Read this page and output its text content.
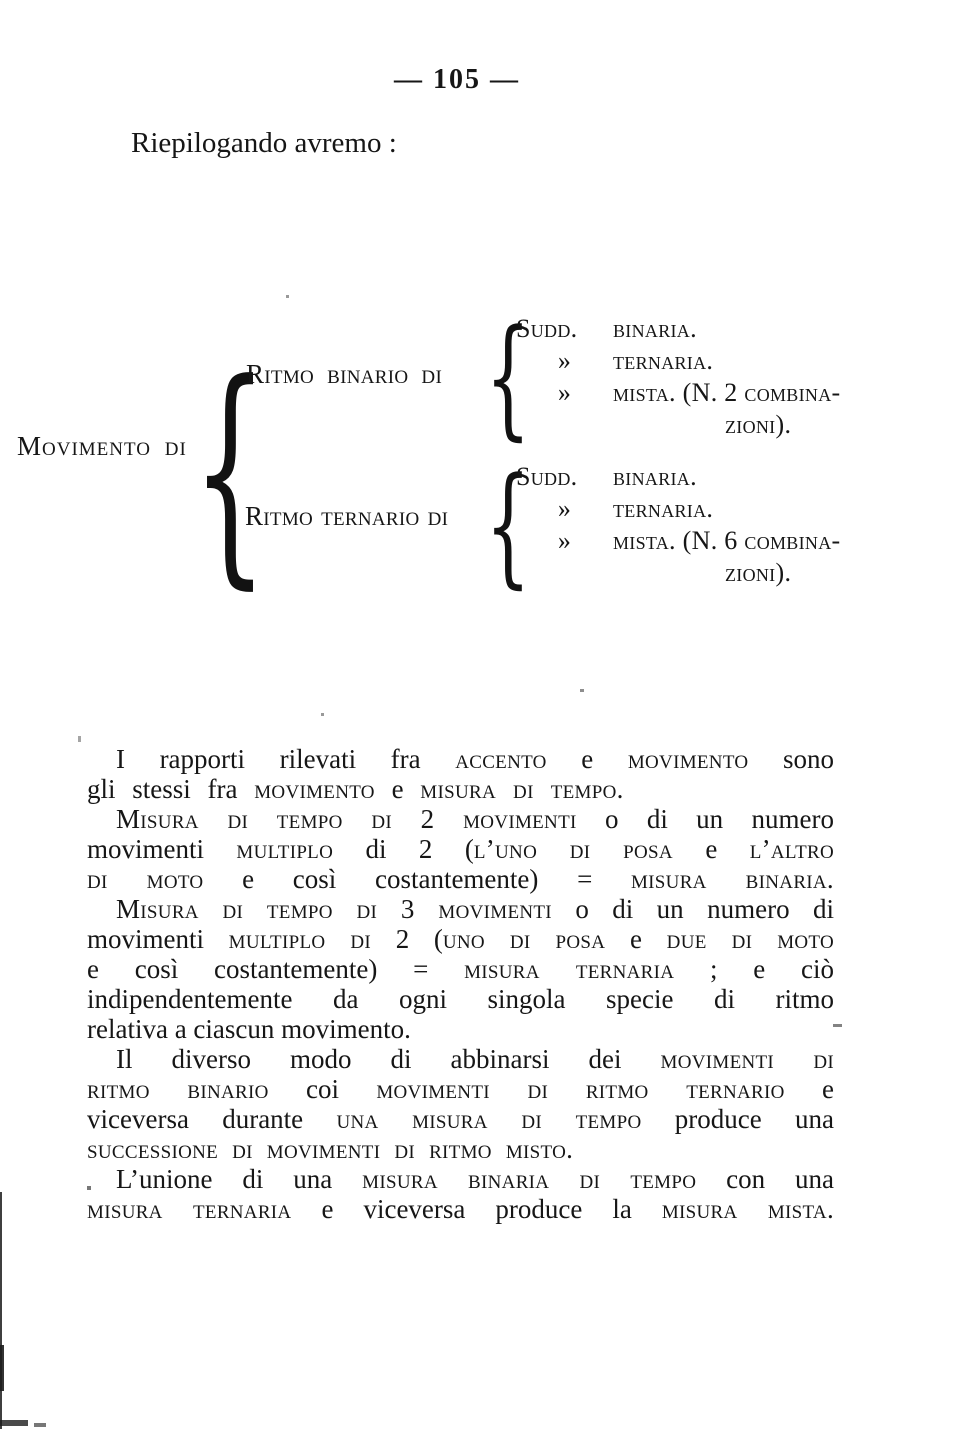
— 105 —
Riepilogando avremo :
Movimento di {
Ritmo binario di {
Sudd.	binaria.
»	ternaria.
»	mista. (N. 2 combina-
zioni).
Ritmo ternario di {
Sudd.	binaria.
»	ternaria.
»	mista. (N. 6 combina-
zioni).
I rapporti rilevati fra accento e movimento sono
gli stessi fra movimento e misura di tempo.
Misura di tempo di 2 movimenti o di un numero
movimenti multiplo di 2 (l’uno di posa e l’altro
di moto e così costantemente) = misura binaria.
Misura di tempo di 3 movimenti o di un numero di
movimenti multiplo di 2 (uno di posa e due di moto
e così costantemente) = misura ternaria ; e ciò
indipendentemente da ogni singola specie di ritmo
relativa a ciascun movimento.
Il diverso modo di abbinarsi dei movimenti di
ritmo binario coi movimenti di ritmo ternario e
viceversa durante una misura di tempo produce una
successione di movimenti di ritmo misto.
L’unione di una misura binaria di tempo con una
misura ternaria e viceversa produce la misura mista.
